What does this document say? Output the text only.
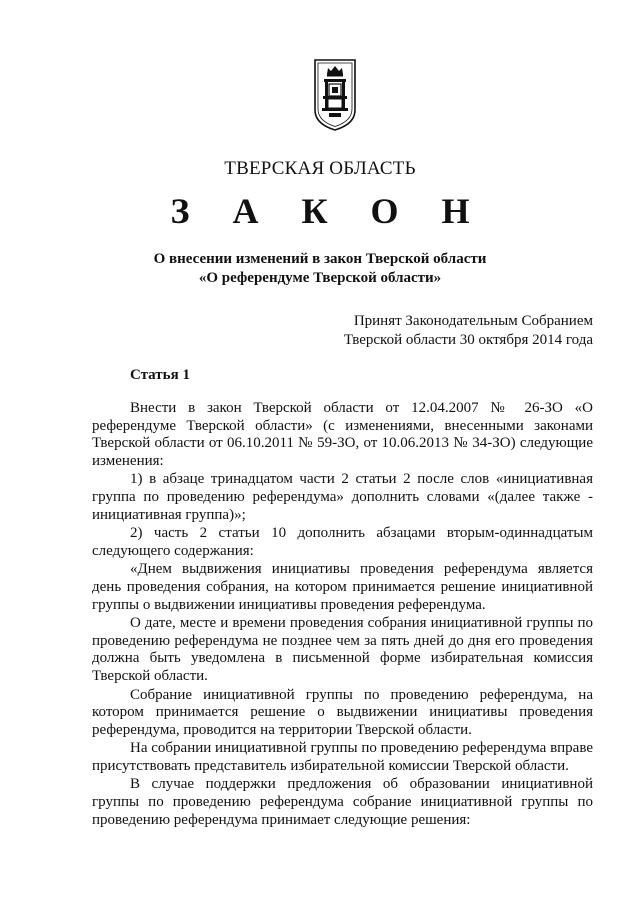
ТВЕРСКАЯ ОБЛАСТЬ
З А К О Н
О внесении изменений в закон Тверской области
«О референдуме Тверской области»
Принят Законодательным Собранием
Тверской области 30 октября 2014 года
Статья 1

Внести в закон Тверской области от 12.04.2007 № 26-ЗО «О референдуме Тверской области» (с изменениями, внесенными законами Тверской области от 06.10.2011 № 59-ЗО, от 10.06.2013 № 34-ЗО) следующие изменения:

1) в абзаце тринадцатом части 2 статьи 2 после слов «инициативная группа по проведению референдума» дополнить словами «(далее также - инициативная группа)»;

2) часть 2 статьи 10 дополнить абзацами вторым-одиннадцатым следующего содержания:

«Днем выдвижения инициативы проведения референдума является день проведения собрания, на котором принимается решение инициативной группы о выдвижении инициативы проведения референдума.

О дате, месте и времени проведения собрания инициативной группы по проведению референдума не позднее чем за пять дней до дня его проведения должна быть уведомлена в письменной форме избирательная комиссия Тверской области.

Собрание инициативной группы по проведению референдума, на котором принимается решение о выдвижении инициативы проведения референдума, проводится на территории Тверской области.

На собрании инициативной группы по проведению референдума вправе присутствовать представитель избирательной комиссии Тверской области.

В случае поддержки предложения об образовании инициативной группы по проведению референдума собрание инициативной группы по проведению референдума принимает следующие решения:
